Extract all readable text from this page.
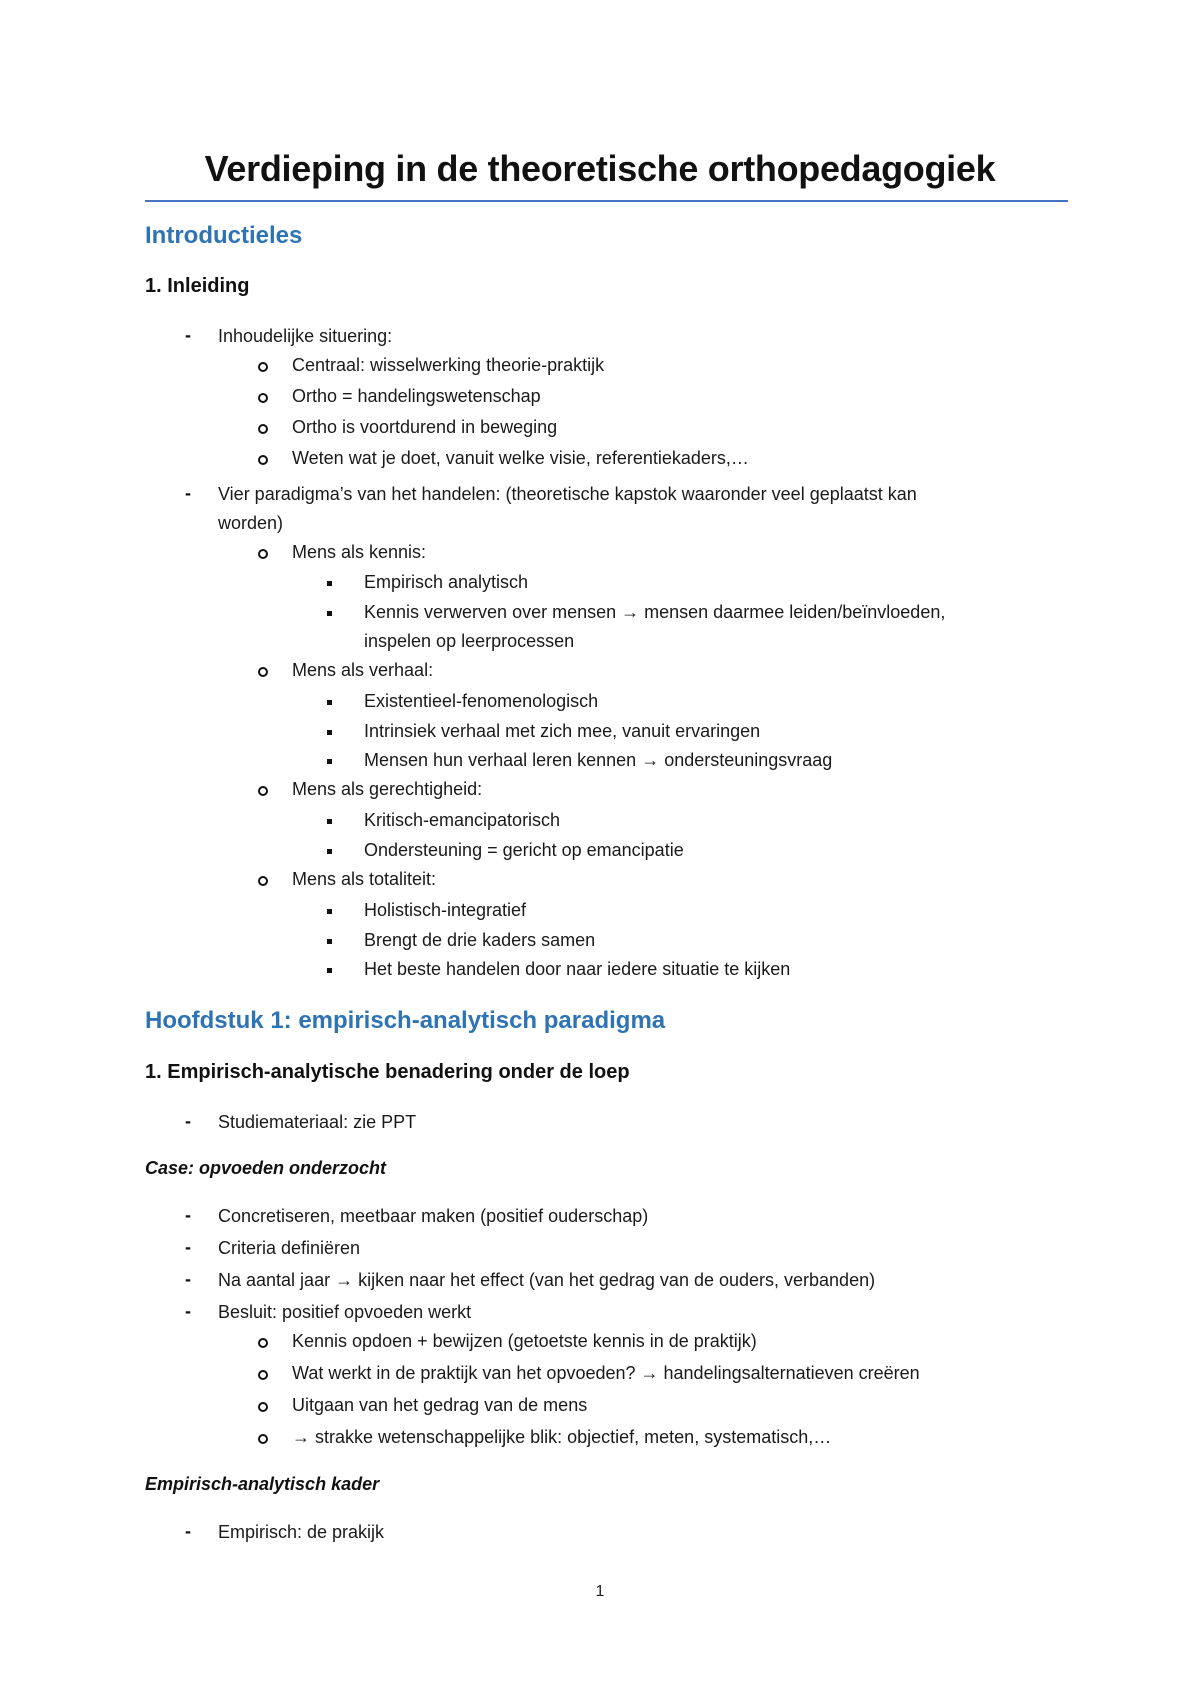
Verdieping in de theoretische orthopedagogiek
Introductieles
1. Inleiding
- Inhoudelijke situering:
Centraal: wisselwerking theorie-praktijk
Ortho = handelingswetenschap
Ortho is voortdurend in beweging
Weten wat je doet, vanuit welke visie, referentiekaders,…
- Vier paradigma’s van het handelen: (theoretische kapstok waaronder veel geplaatst kan
worden)
Mens als kennis:
Empirisch analytisch
Kennis verwerven over mensen → mensen daarmee leiden/beïnvloeden,
inspelen op leerprocessen
Mens als verhaal:
Existentieel-fenomenologisch
Intrinsiek verhaal met zich mee, vanuit ervaringen
Mensen hun verhaal leren kennen → ondersteuningsvraag
Mens als gerechtigheid:
Kritisch-emancipatorisch
Ondersteuning = gericht op emancipatie
Mens als totaliteit:
Holistisch-integratief
Brengt de drie kaders samen
Het beste handelen door naar iedere situatie te kijken
Hoofdstuk 1: empirisch-analytisch paradigma
1. Empirisch-analytische benadering onder de loep
- Studiemateriaal: zie PPT
Case: opvoeden onderzocht
- Concretiseren, meetbaar maken (positief ouderschap)
- Criteria definiëren
- Na aantal jaar → kijken naar het effect (van het gedrag van de ouders, verbanden)
- Besluit: positief opvoeden werkt
Kennis opdoen + bewijzen (getoetste kennis in de praktijk)
Wat werkt in de praktijk van het opvoeden? → handelingsalternatieven creëren
Uitgaan van het gedrag van de mens
→ strakke wetenschappelijke blik: objectief, meten, systematisch,…
Empirisch-analytisch kader
- Empirisch: de prakijk
1
